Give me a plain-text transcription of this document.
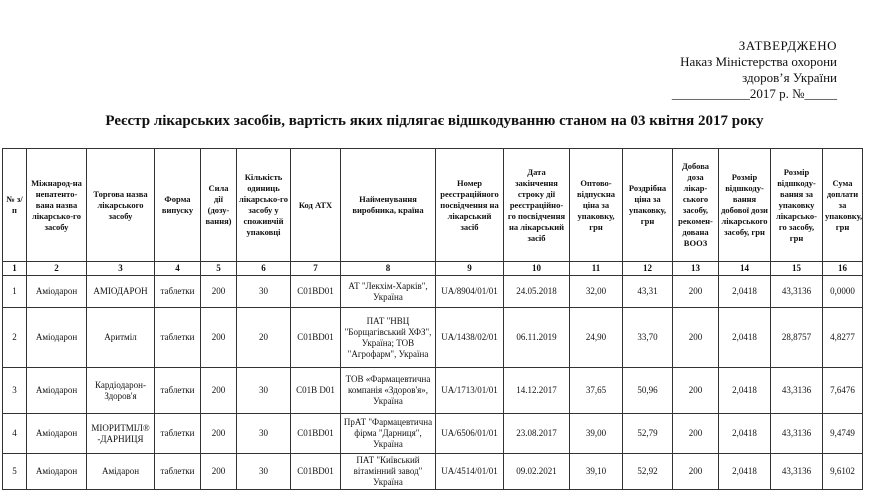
ЗАТВЕРДЖЕНО
Наказ Міністерства охорони
здоров’я України
____________2017 р. №_____
Реєстр лікарських засобів, вартість яких підлягає відшкодуванню станом на 03 квітня 2017 року
№ з/п	Міжнарод-на непатенто-вана назва лікарсько-го засобу	Торгова назва лікарського засобу	Форма випуску	Сила дії (дозу-вання)	Кількість одиниць лікарсько-го засобу у споживчій упаковці	Код АТХ	Найменування виробника, країна	Номер реєстраційного посвідчення на лікарський засіб	Дата закінчення строку дії реєстраційно-го посвідчення на лікарський засіб	Оптово-відпускна ціна за упаковку, грн	Роздрібна ціна за упаковку, грн	Добова доза лікар-ського засобу, рекомен-дована ВООЗ	Розмір відшкоду-вання добової дози лікарського засобу, грн	Розмір відшкоду-вання за упаковку лікарсько-го засобу, грн	Сума доплати за упаковку, грн
1	2	3	4	5	6	7	8	9	10	11	12	13	14	15	16
1	Аміодарон	АМІОДАРОН	таблетки	200	30	C01BD01	АТ "Лекхім-Харків", Україна	UA/8904/01/01	24.05.2018	32,00	43,31	200	2,0418	43,3136	0,0000
2	Аміодарон	Аритміл	таблетки	200	20	C01BD01	ПАТ "НВЦ "Борщагівський ХФЗ", Україна; ТОВ "Агрофарм", Україна	UA/1438/02/01	06.11.2019	24,90	33,70	200	2,0418	28,8757	4,8277
3	Аміодарон	Кардіодарон-Здоров'я	таблетки	200	30	C01B D01	ТОВ «Фармацевтична компанія «Здоров'я», Україна	UA/1713/01/01	14.12.2017	37,65	50,96	200	2,0418	43,3136	7,6476
4	Аміодарон	МІОРИТМІЛ® -ДАРНИЦЯ	таблетки	200	30	C01BD01	ПрАТ "Фармацевтична фірма "Дарниця", Україна	UA/6506/01/01	23.08.2017	39,00	52,79	200	2,0418	43,3136	9,4749
5	Аміодарон	Амідарон	таблетки	200	30	C01BD01	ПАТ "Київський вітамінний завод" Україна	UA/4514/01/01	09.02.2021	39,10	52,92	200	2,0418	43,3136	9,6102
